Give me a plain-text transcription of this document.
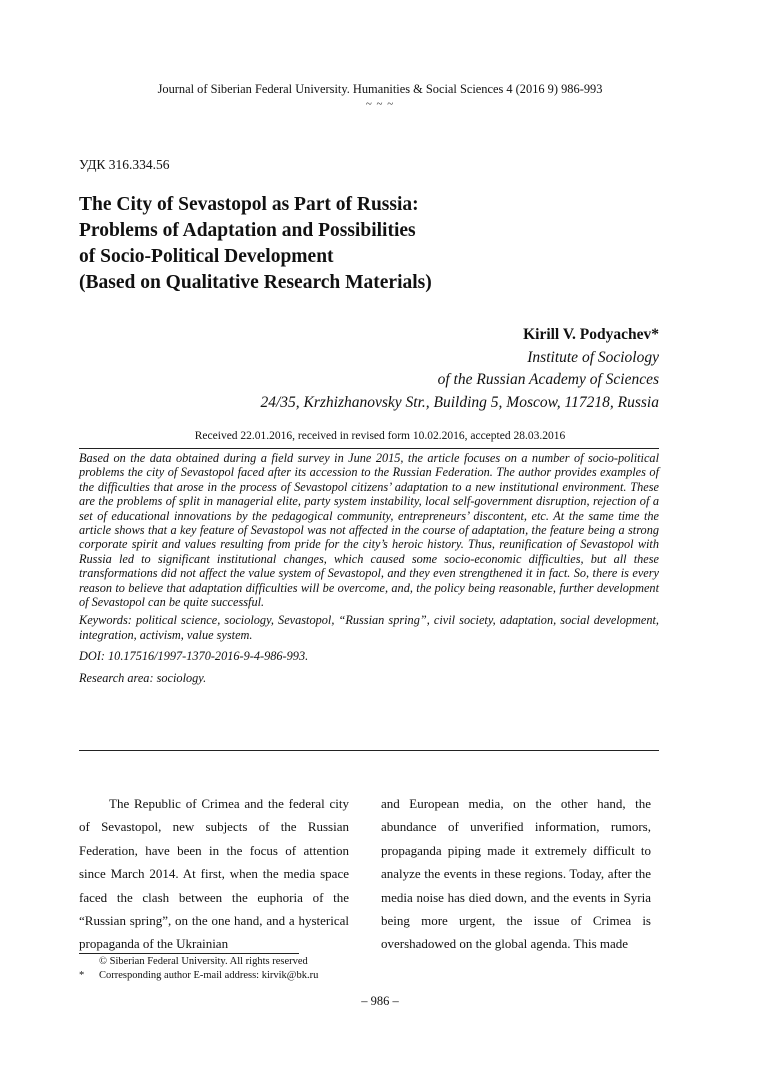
Journal of Siberian Federal University. Humanities & Social Sciences 4 (2016 9) 986-993
~ ~ ~
УДК 316.334.56
The City of Sevastopol as Part of Russia:
Problems of Adaptation and Possibilities
of Socio-Political Development
(Based on Qualitative Research Materials)
Kirill V. Podyachev*
Institute of Sociology
of the Russian Academy of Sciences
24/35, Krzhizhanovsky Str., Building 5, Moscow, 117218, Russia
Received 22.01.2016, received in revised form 10.02.2016, accepted 28.03.2016

Based on the data obtained during a field survey in June 2015, the article focuses on a number of socio-political problems the city of Sevastopol faced after its accession to the Russian Federation. The author provides examples of the difficulties that arose in the process of Sevastopol citizens’ adaptation to a new institutional environment. These are the problems of split in managerial elite, party system instability, local self-government disruption, rejection of a set of educational innovations by the pedagogical community, entrepreneurs’ discontent, etc. At the same time the article shows that a key feature of Sevastopol was not affected in the course of adaptation, the feature being a strong corporate spirit and values resulting from pride for the city’s heroic history. Thus, reunification of Sevastopol with Russia led to significant institutional changes, which caused some socio-economic difficulties, but all these transformations did not affect the value system of Sevastopol, and they even strengthened it in fact. So, there is every reason to believe that adaptation difficulties will be overcome, and, the policy being reasonable, further development of Sevastopol can be quite successful.

Keywords: political science, sociology, Sevastopol, “Russian spring”, civil society, adaptation, social development, integration, activism, value system.

DOI: 10.17516/1997-1370-2016-9-4-986-993.

Research area: sociology.

The Republic of Crimea and the federal city of Sevastopol, new subjects of the Russian Federation, have been in the focus of attention since March 2014. At first, when the media space faced the clash between the euphoria of the “Russian spring”, on the one hand, and a hysterical propaganda of the Ukrainian

and European media, on the other hand, the abundance of unverified information, rumors, propaganda piping made it extremely difficult to analyze the events in these regions. Today, after the media noise has died down, and the events in Syria being more urgent, the issue of Crimea is overshadowed on the global agenda. This made

© Siberian Federal University. All rights reserved
* Corresponding author E-mail address: kirvik@bk.ru
– 986 –
